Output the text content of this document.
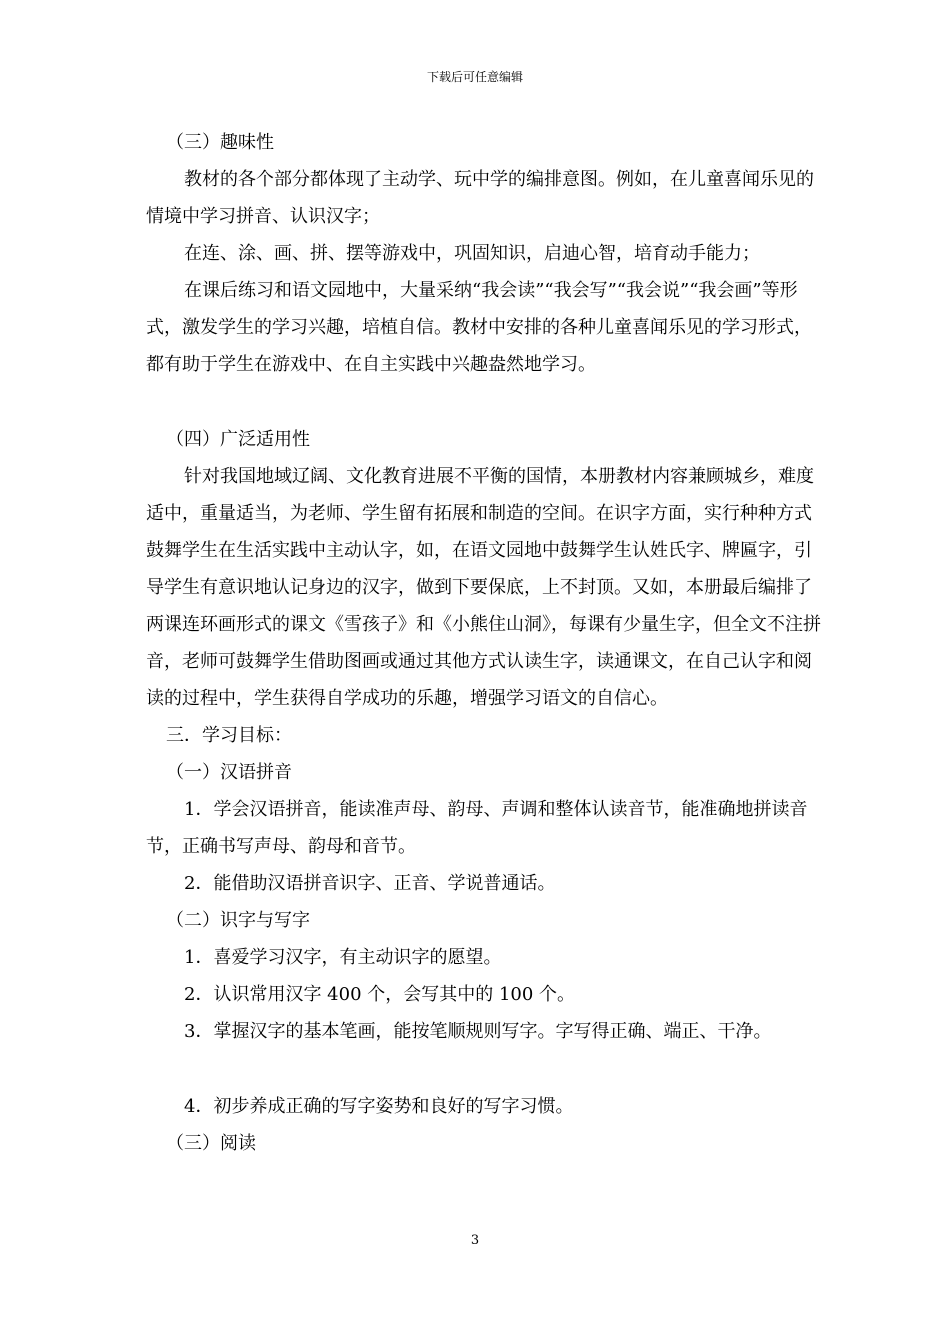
下载后可任意编辑

（三）趣味性

教材的各个部分都体现了主动学、玩中学的编排意图。例如，在儿童喜闻乐见的情境中学习拼音、认识汉字；

在连、涂、画、拼、摆等游戏中，巩固知识，启迪心智，培育动手能力；

在课后练习和语文园地中，大量采纳“我会读”“我会写”“我会说”“我会画”等形式，激发学生的学习兴趣，培植自信。教材中安排的各种儿童喜闻乐见的学习形式，都有助于学生在游戏中、在自主实践中兴趣盎然地学习。

（四）广泛适用性

针对我国地域辽阔、文化教育进展不平衡的国情，本册教材内容兼顾城乡，难度适中，重量适当，为老师、学生留有拓展和制造的空间。在识字方面，实行种种方式鼓舞学生在生活实践中主动认字，如，在语文园地中鼓舞学生认姓氏字、牌匾字，引导学生有意识地认记身边的汉字，做到下要保底，上不封顶。又如，本册最后编排了两课连环画形式的课文《雪孩子》和《小熊住山洞》，每课有少量生字，但全文不注拼音，老师可鼓舞学生借助图画或通过其他方式认读生字，读通课文，在自己认字和阅读的过程中，学生获得自学成功的乐趣，增强学习语文的自信心。

三．学习目标：

（一）汉语拼音

1．学会汉语拼音，能读准声母、韵母、声调和整体认读音节，能准确地拼读音节，正确书写声母、韵母和音节。

2．能借助汉语拼音识字、正音、学说普通话。

（二）识字与写字

1．喜爱学习汉字，有主动识字的愿望。

2．认识常用汉字 400 个，会写其中的 100 个。

3．掌握汉字的基本笔画，能按笔顺规则写字。字写得正确、端正、干净。

4．初步养成正确的写字姿势和良好的写字习惯。

（三）阅读

3
